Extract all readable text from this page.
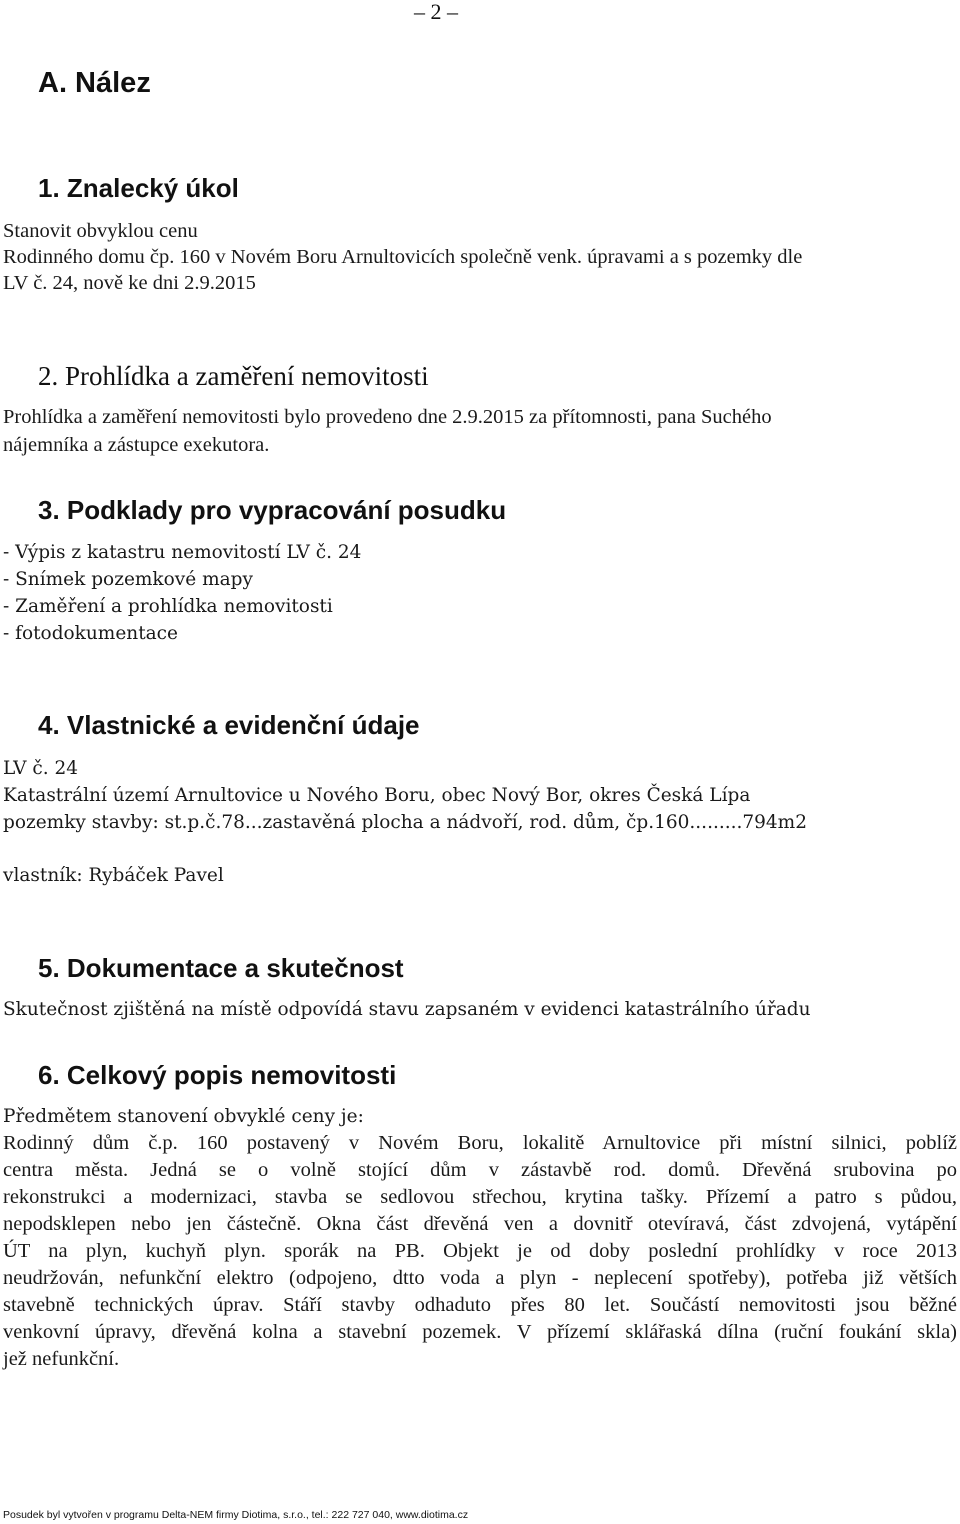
– 2 –
A. Nález
1. Znalecký úkol
Stanovit obvyklou cenu
Rodinného domu čp. 160 v Novém Boru Arnultovicích společně venk. úpravami a s pozemky dle
LV č. 24, nově ke dni 2.9.2015
2. Prohlídka a zaměření nemovitosti
Prohlídka a zaměření nemovitosti bylo provedeno dne 2.9.2015 za přítomnosti, pana Suchého
nájemníka a zástupce exekutora.
3. Podklady pro vypracování posudku
- Výpis z katastru nemovitostí LV č. 24
- Snímek pozemkové mapy
- Zaměření a prohlídka nemovitosti
- fotodokumentace
4. Vlastnické a evidenční údaje
LV č. 24
Katastrální území Arnultovice u Nového Boru, obec Nový Bor, okres Česká Lípa
pozemky stavby: st.p.č.78...zastavěná plocha a nádvoří, rod. dům, čp.160.........794m2
vlastník: Rybáček Pavel
5. Dokumentace a skutečnost
Skutečnost zjištěná na místě odpovídá stavu zapsaném v evidenci katastrálního úřadu
6. Celkový popis nemovitosti
Předmětem stanovení obvyklé ceny je:
Rodinný dům č.p. 160 postavený v Novém Boru, lokalitě Arnultovice při místní silnici, poblíž
centra města. Jedná se o volně stojící dům v zástavbě rod. domů. Dřevěná srubovina po
rekonstrukci a modernizaci, stavba se sedlovou střechou, krytina tašky. Přízemí a patro s půdou,
nepodsklepen nebo jen částečně. Okna část dřevěná ven a dovnitř otevíravá, část zdvojená, vytápění
ÚT na plyn, kuchyň plyn. sporák na PB. Objekt je od doby poslední prohlídky v roce 2013
neudržován, nefunkční elektro (odpojeno, dtto voda a plyn - neplecení spotřeby), potřeba již větších
stavebně technických úprav. Stáří stavby odhaduto přes 80 let. Součástí nemovitosti jsou běžné
venkovní úpravy, dřevěná kolna a stavební pozemek. V přízemí sklářaská dílna (ruční foukání skla)
jež nefunkční.
Posudek byl vytvořen v programu Delta-NEM firmy Diotima, s.r.o., tel.: 222 727 040, www.diotima.cz
